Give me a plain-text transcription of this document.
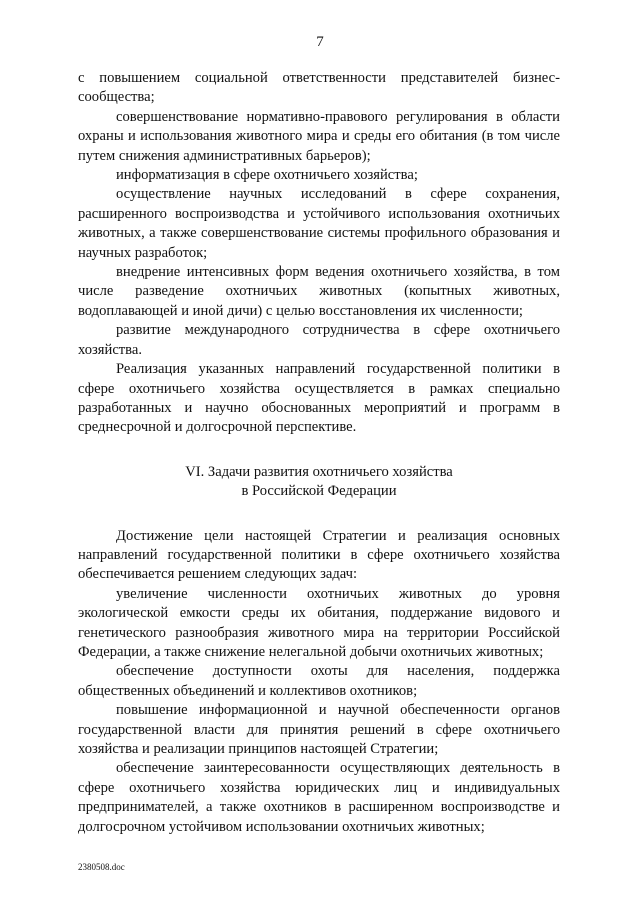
7

с повышением социальной ответственности представителей бизнес-сообщества;

совершенствование нормативно-правового регулирования в области охраны и использования животного мира и среды его обитания (в том числе путем снижения административных барьеров);

информатизация в сфере охотничьего хозяйства;

осуществление научных исследований в сфере сохранения, расширенного воспроизводства и устойчивого использования охотничьих животных, а также совершенствование системы профильного образования и научных разработок;

внедрение интенсивных форм ведения охотничьего хозяйства, в том числе разведение охотничьих животных (копытных животных, водоплавающей и иной дичи) с целью восстановления их численности;

развитие международного сотрудничества в сфере охотничьего хозяйства.

Реализация указанных направлений государственной политики в сфере охотничьего хозяйства осуществляется в рамках специально разработанных и научно обоснованных мероприятий и программ в среднесрочной и долгосрочной перспективе.

VI. Задачи развития охотничьего хозяйства
в Российской Федерации

Достижение цели настоящей Стратегии и реализация основных направлений государственной политики в сфере охотничьего хозяйства обеспечивается решением следующих задач:

увеличение численности охотничьих животных до уровня экологической емкости среды их обитания, поддержание видового и генетического разнообразия животного мира на территории Российской Федерации, а также снижение нелегальной добычи охотничьих животных;

обеспечение доступности охоты для населения, поддержка общественных объединений и коллективов охотников;

повышение информационной и научной обеспеченности органов государственной власти для принятия решений в сфере охотничьего хозяйства и реализации принципов настоящей Стратегии;

обеспечение заинтересованности осуществляющих деятельность в сфере охотничьего хозяйства юридических лиц и индивидуальных предпринимателей, а также охотников в расширенном воспроизводстве и долгосрочном устойчивом использовании охотничьих животных;

2380508.doc
